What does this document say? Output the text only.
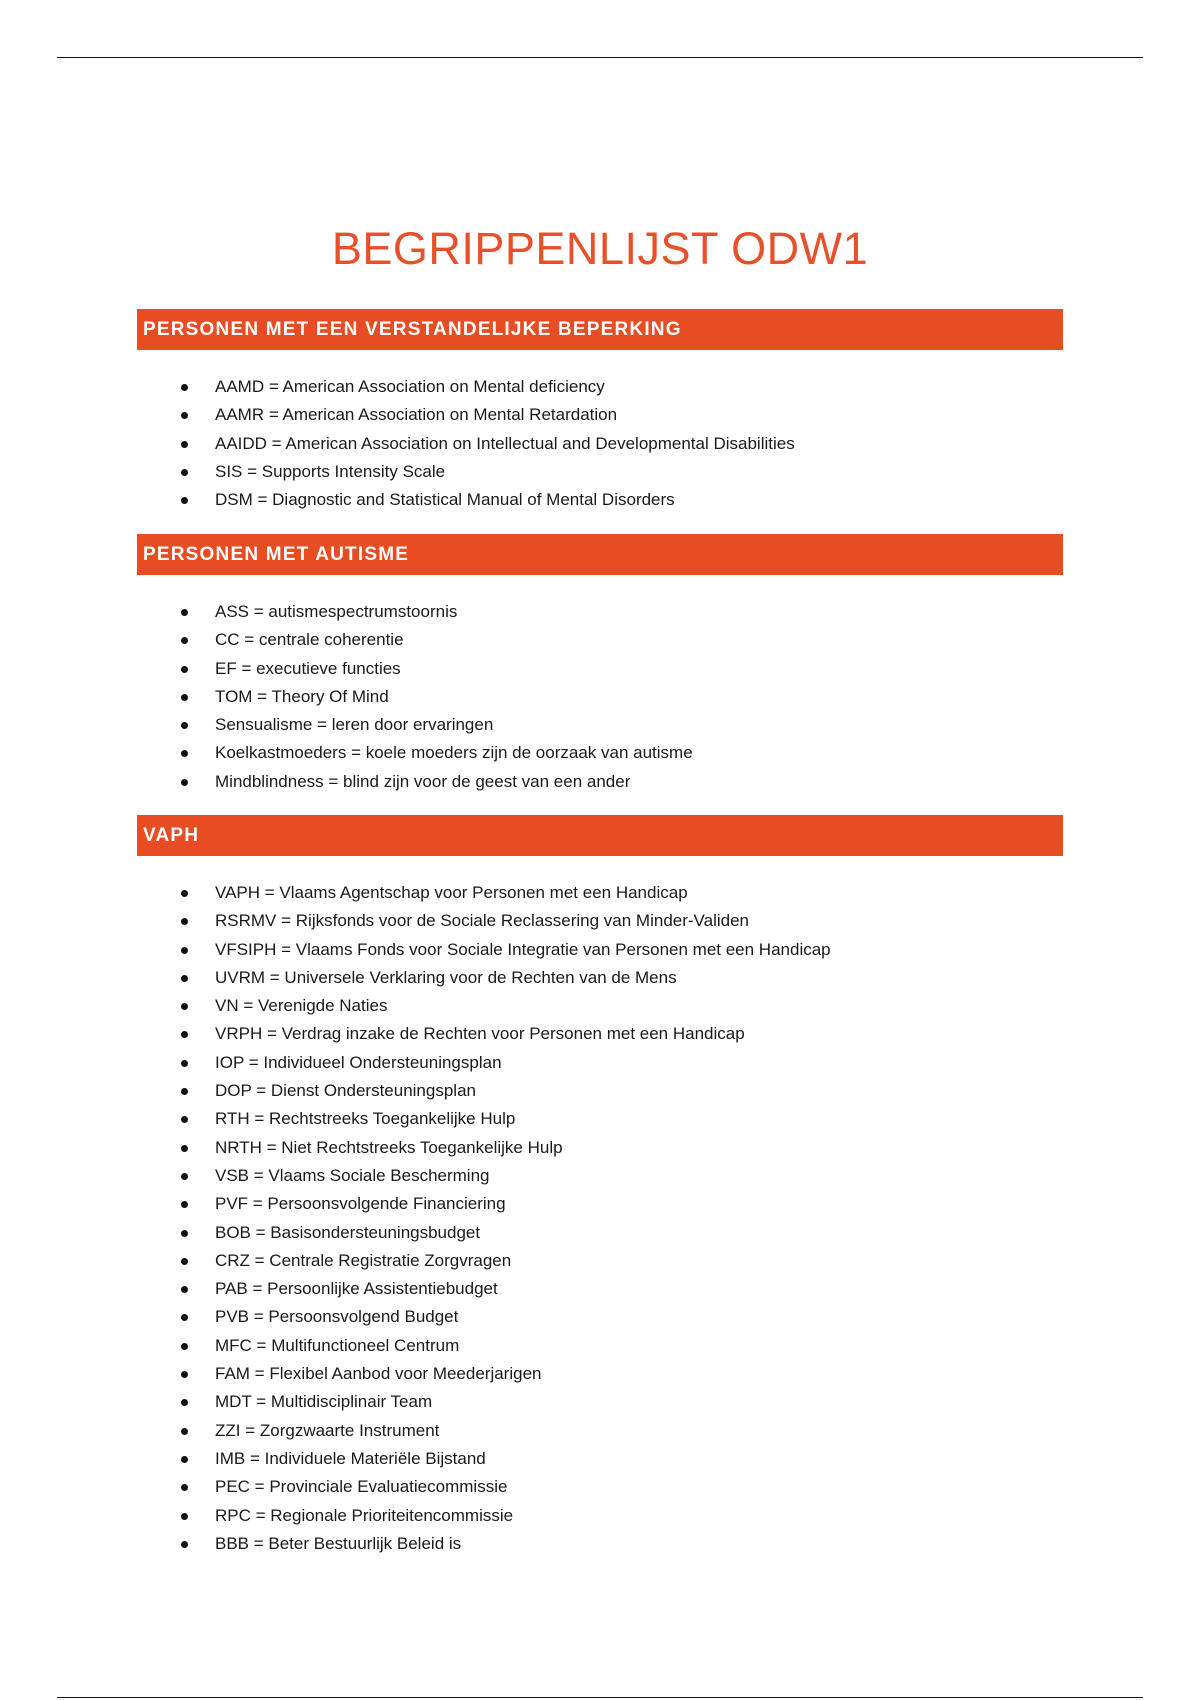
BEGRIPPENLIJST ODW1
PERSONEN MET EEN VERSTANDELIJKE BEPERKING
AAMD = American Association on Mental deficiency
AAMR = American Association on Mental Retardation
AAIDD = American Association on Intellectual and Developmental Disabilities
SIS = Supports Intensity Scale
DSM = Diagnostic and Statistical Manual of Mental Disorders
PERSONEN MET AUTISME
ASS = autismespectrumstoornis
CC = centrale coherentie
EF = executieve functies
TOM = Theory Of Mind
Sensualisme = leren door ervaringen
Koelkastmoeders = koele moeders zijn de oorzaak van autisme
Mindblindness = blind zijn voor de geest van een ander
VAPH
VAPH = Vlaams Agentschap voor Personen met een Handicap
RSRMV = Rijksfonds voor de Sociale Reclassering van Minder-Validen
VFSIPH = Vlaams Fonds voor Sociale Integratie van Personen met een Handicap
UVRM = Universele Verklaring voor de Rechten van de Mens
VN = Verenigde Naties
VRPH = Verdrag inzake de Rechten voor Personen met een Handicap
IOP = Individueel Ondersteuningsplan
DOP = Dienst Ondersteuningsplan
RTH = Rechtstreeks Toegankelijke Hulp
NRTH = Niet Rechtstreeks Toegankelijke Hulp
VSB = Vlaams Sociale Bescherming
PVF = Persoonsvolgende Financiering
BOB = Basisondersteuningsbudget
CRZ = Centrale Registratie Zorgvragen
PAB = Persoonlijke Assistentiebudget
PVB = Persoonsvolgend Budget
MFC = Multifunctioneel Centrum
FAM = Flexibel Aanbod voor Meederjarigen
MDT = Multidisciplinair Team
ZZI = Zorgzwaarte Instrument
IMB = Individuele Materiële Bijstand
PEC = Provinciale Evaluatiecommissie
RPC = Regionale Prioriteitencommissie
BBB = Beter Bestuurlijk Beleid is
